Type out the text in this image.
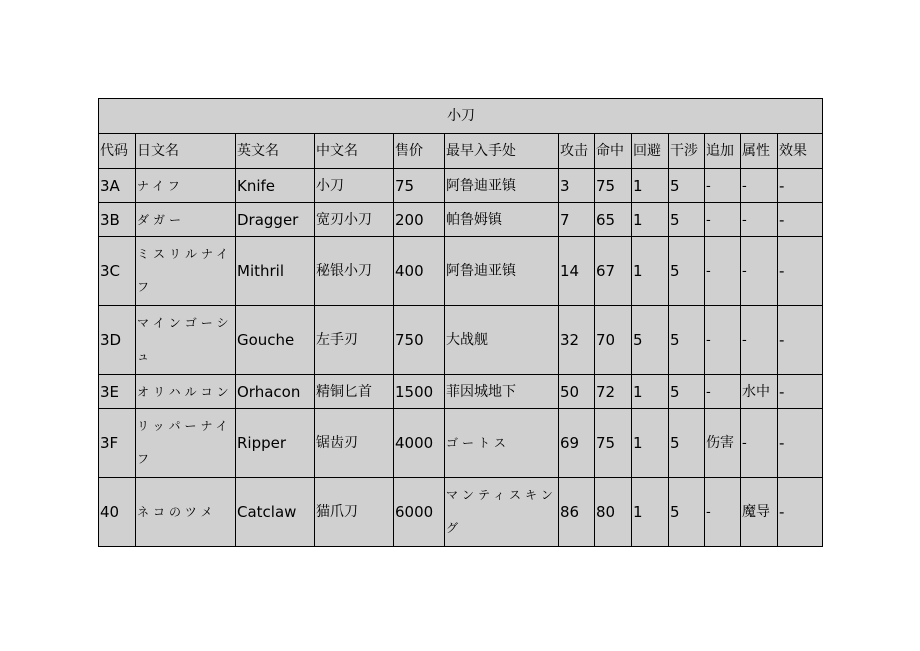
小刀												
代码	日文名	英文名	中文名	售价	最早入手处	攻击	命中	回避	干涉	追加	属性	效果
3A	ナイフ	Knife	小刀	75	阿鲁迪亚镇	3	75	1	5	-	-	-
3B	ダガー	Dragger	宽刃小刀	200	帕鲁姆镇	7	65	1	5	-	-	-
3C	ミスリルナイフ	Mithril	秘银小刀	400	阿鲁迪亚镇	14	67	1	5	-	-	-
3D	マインゴーシュ	Gouche	左手刃	750	大战舰	32	70	5	5	-	-	-
3E	オリハルコン	Orhacon	精铜匕首	1500	菲因城地下	50	72	1	5	-	水中	-
3F	リッパーナイフ	Ripper	锯齿刃	4000	ゴートス	69	75	1	5	伤害	-	-
40	ネコのツメ	Catclaw	猫爪刀	6000	マンティスキング	86	80	1	5	-	魔导	-
